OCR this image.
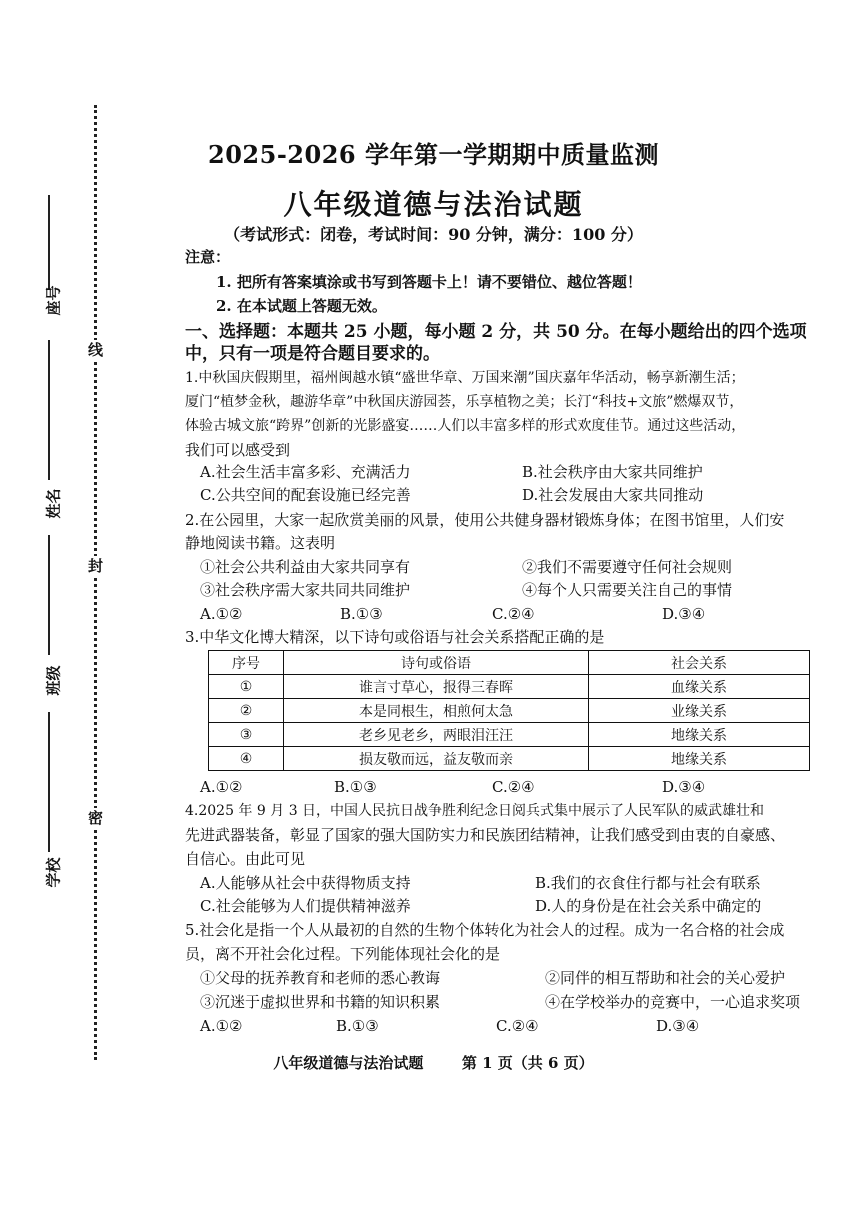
线
封
密
座号
姓名
班级
学校
2025-2026 学年第一学期期中质量监测
八年级道德与法治试题
（考试形式：闭卷，考试时间：90 分钟，满分：100 分）
注意：
1. 把所有答案填涂或书写到答题卡上！请不要错位、越位答题！
2. 在本试题上答题无效。
一、选择题：本题共 25 小题，每小题 2 分，共 50 分。在每小题给出的四个选项
中，只有一项是符合题目要求的。
1.中秋国庆假期里，福州闽越水镇“盛世华章、万国来潮”国庆嘉年华活动，畅享新潮生活；
厦门“植梦金秋，趣游华章”中秋国庆游园荟，乐享植物之美；长汀“科技+文旅”燃爆双节，
体验古城文旅“跨界”创新的光影盛宴……人们以丰富多样的形式欢度佳节。通过这些活动，
我们可以感受到
A.社会生活丰富多彩、充满活力	B.社会秩序由大家共同维护
C.公共空间的配套设施已经完善	D.社会发展由大家共同推动
2.在公园里，大家一起欣赏美丽的风景，使用公共健身器材锻炼身体；在图书馆里，人们安
静地阅读书籍。这表明
①社会公共利益由大家共同享有	②我们不需要遵守任何社会规则
③社会秩序需大家共同共同维护	④每个人只需要关注自己的事情
A.①②	B.①③	C.②④	D.③④
3.中华文化博大精深，以下诗句或俗语与社会关系搭配正确的是
序号	诗句或俗语	社会关系
①	谁言寸草心，报得三春晖	血缘关系
②	本是同根生，相煎何太急	业缘关系
③	老乡见老乡，两眼泪汪汪	地缘关系
④	损友敬而远，益友敬而亲	地缘关系
A.①②	B.①③	C.②④	D.③④
4.2025 年 9 月 3 日，中国人民抗日战争胜利纪念日阅兵式集中展示了人民军队的威武雄壮和
先进武器装备，彰显了国家的强大国防实力和民族团结精神，让我们感受到由衷的自豪感、
自信心。由此可见
A.人能够从社会中获得物质支持	B.我们的衣食住行都与社会有联系
C.社会能够为人们提供精神滋养	D.人的身份是在社会关系中确定的
5.社会化是指一个人从最初的自然的生物个体转化为社会人的过程。成为一名合格的社会成
员，离不开社会化过程。下列能体现社会化的是
①父母的抚养教育和老师的悉心教诲	②同伴的相互帮助和社会的关心爱护
③沉迷于虚拟世界和书籍的知识积累	④在学校举办的竞赛中，一心追求奖项
A.①②	B.①③	C.②④	D.③④
八年级道德与法治试题	第 1 页（共 6 页）
